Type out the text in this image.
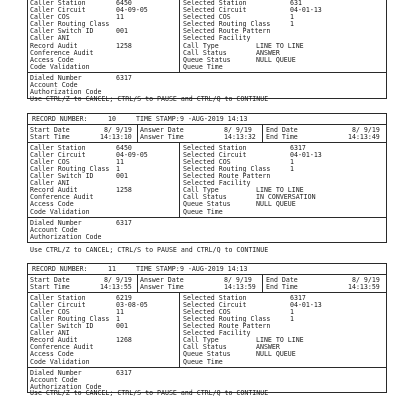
Caller Station	6450	Selected Station	631
Caller Circuit	04-09-05	Selected Circuit	04-01-13
Caller COS	11	Selected COS	1
Caller Routing Class	Selected Routing Class	1
Caller Switch ID	001	Selected Route Pattern
Caller ANI	Selected Facility
Record Audit	1258	Call Type	LINE TO LINE
Conference Audit	Call Status	ANSWER
Access Code	Queue Status	NULL QUEUE
Code Validation	Queue Time
Dialed Number	6317
Account Code
Authorization Code
Use CTRL/Z to CANCEL; CTRL/S to PAUSE and CTRL/Q to CONTINUE
RECORD NUMBER:	10	TIME STAMP: 9 -AUG-2019 14:13
Start Date	8/ 9/19 Answer Date	8/ 9/19 End Date	8/ 9/19
Start Time	14:13:10 Answer Time	14:13:32 End Time	14:13:49
Caller Station	6450	Selected Station	6317
Caller Circuit	04-09-05	Selected Circuit	04-01-13
Caller COS	11	Selected COS	1
Caller Routing Class 1	Selected Routing Class	1
Caller Switch ID	001	Selected Route Pattern
Caller ANI	Selected Facility
Record Audit	1258	Call Type	LINE TO LINE
Conference Audit	Call Status	IN CONVERSATION
Access Code	Queue Status	NULL QUEUE
Code Validation	Queue Time
Dialed Number	6317
Account Code
Authorization Code
Use CTRL/Z to CANCEL; CTRL/S to PAUSE and CTRL/Q to CONTINUE
RECORD NUMBER:	11	TIME STAMP: 9 -AUG-2019 14:13
Start Date	8/ 9/19 Answer Date	8/ 9/19 End Date	8/ 9/19
Start Time	14:13:55 Answer Time	14:13:59 End Time	14:13:59
Caller Station	6219	Selected Station	6317
Caller Circuit	03-08-05	Selected Circuit	04-01-13
Caller COS	11	Selected COS	1
Caller Routing Class 1	Selected Routing Class	1
Caller Switch ID	001	Selected Route Pattern
Caller ANI	Selected Facility
Record Audit	1268	Call Type	LINE TO LINE
Conference Audit	Call Status	ANSWER
Access Code	Queue Status	NULL QUEUE
Code Validation	Queue Time
Dialed Number	6317
Account Code
Authorization Code
Use CTRL/Z to CANCEL; CTRL/S to PAUSE and CTRL/Q to CONTINUE
